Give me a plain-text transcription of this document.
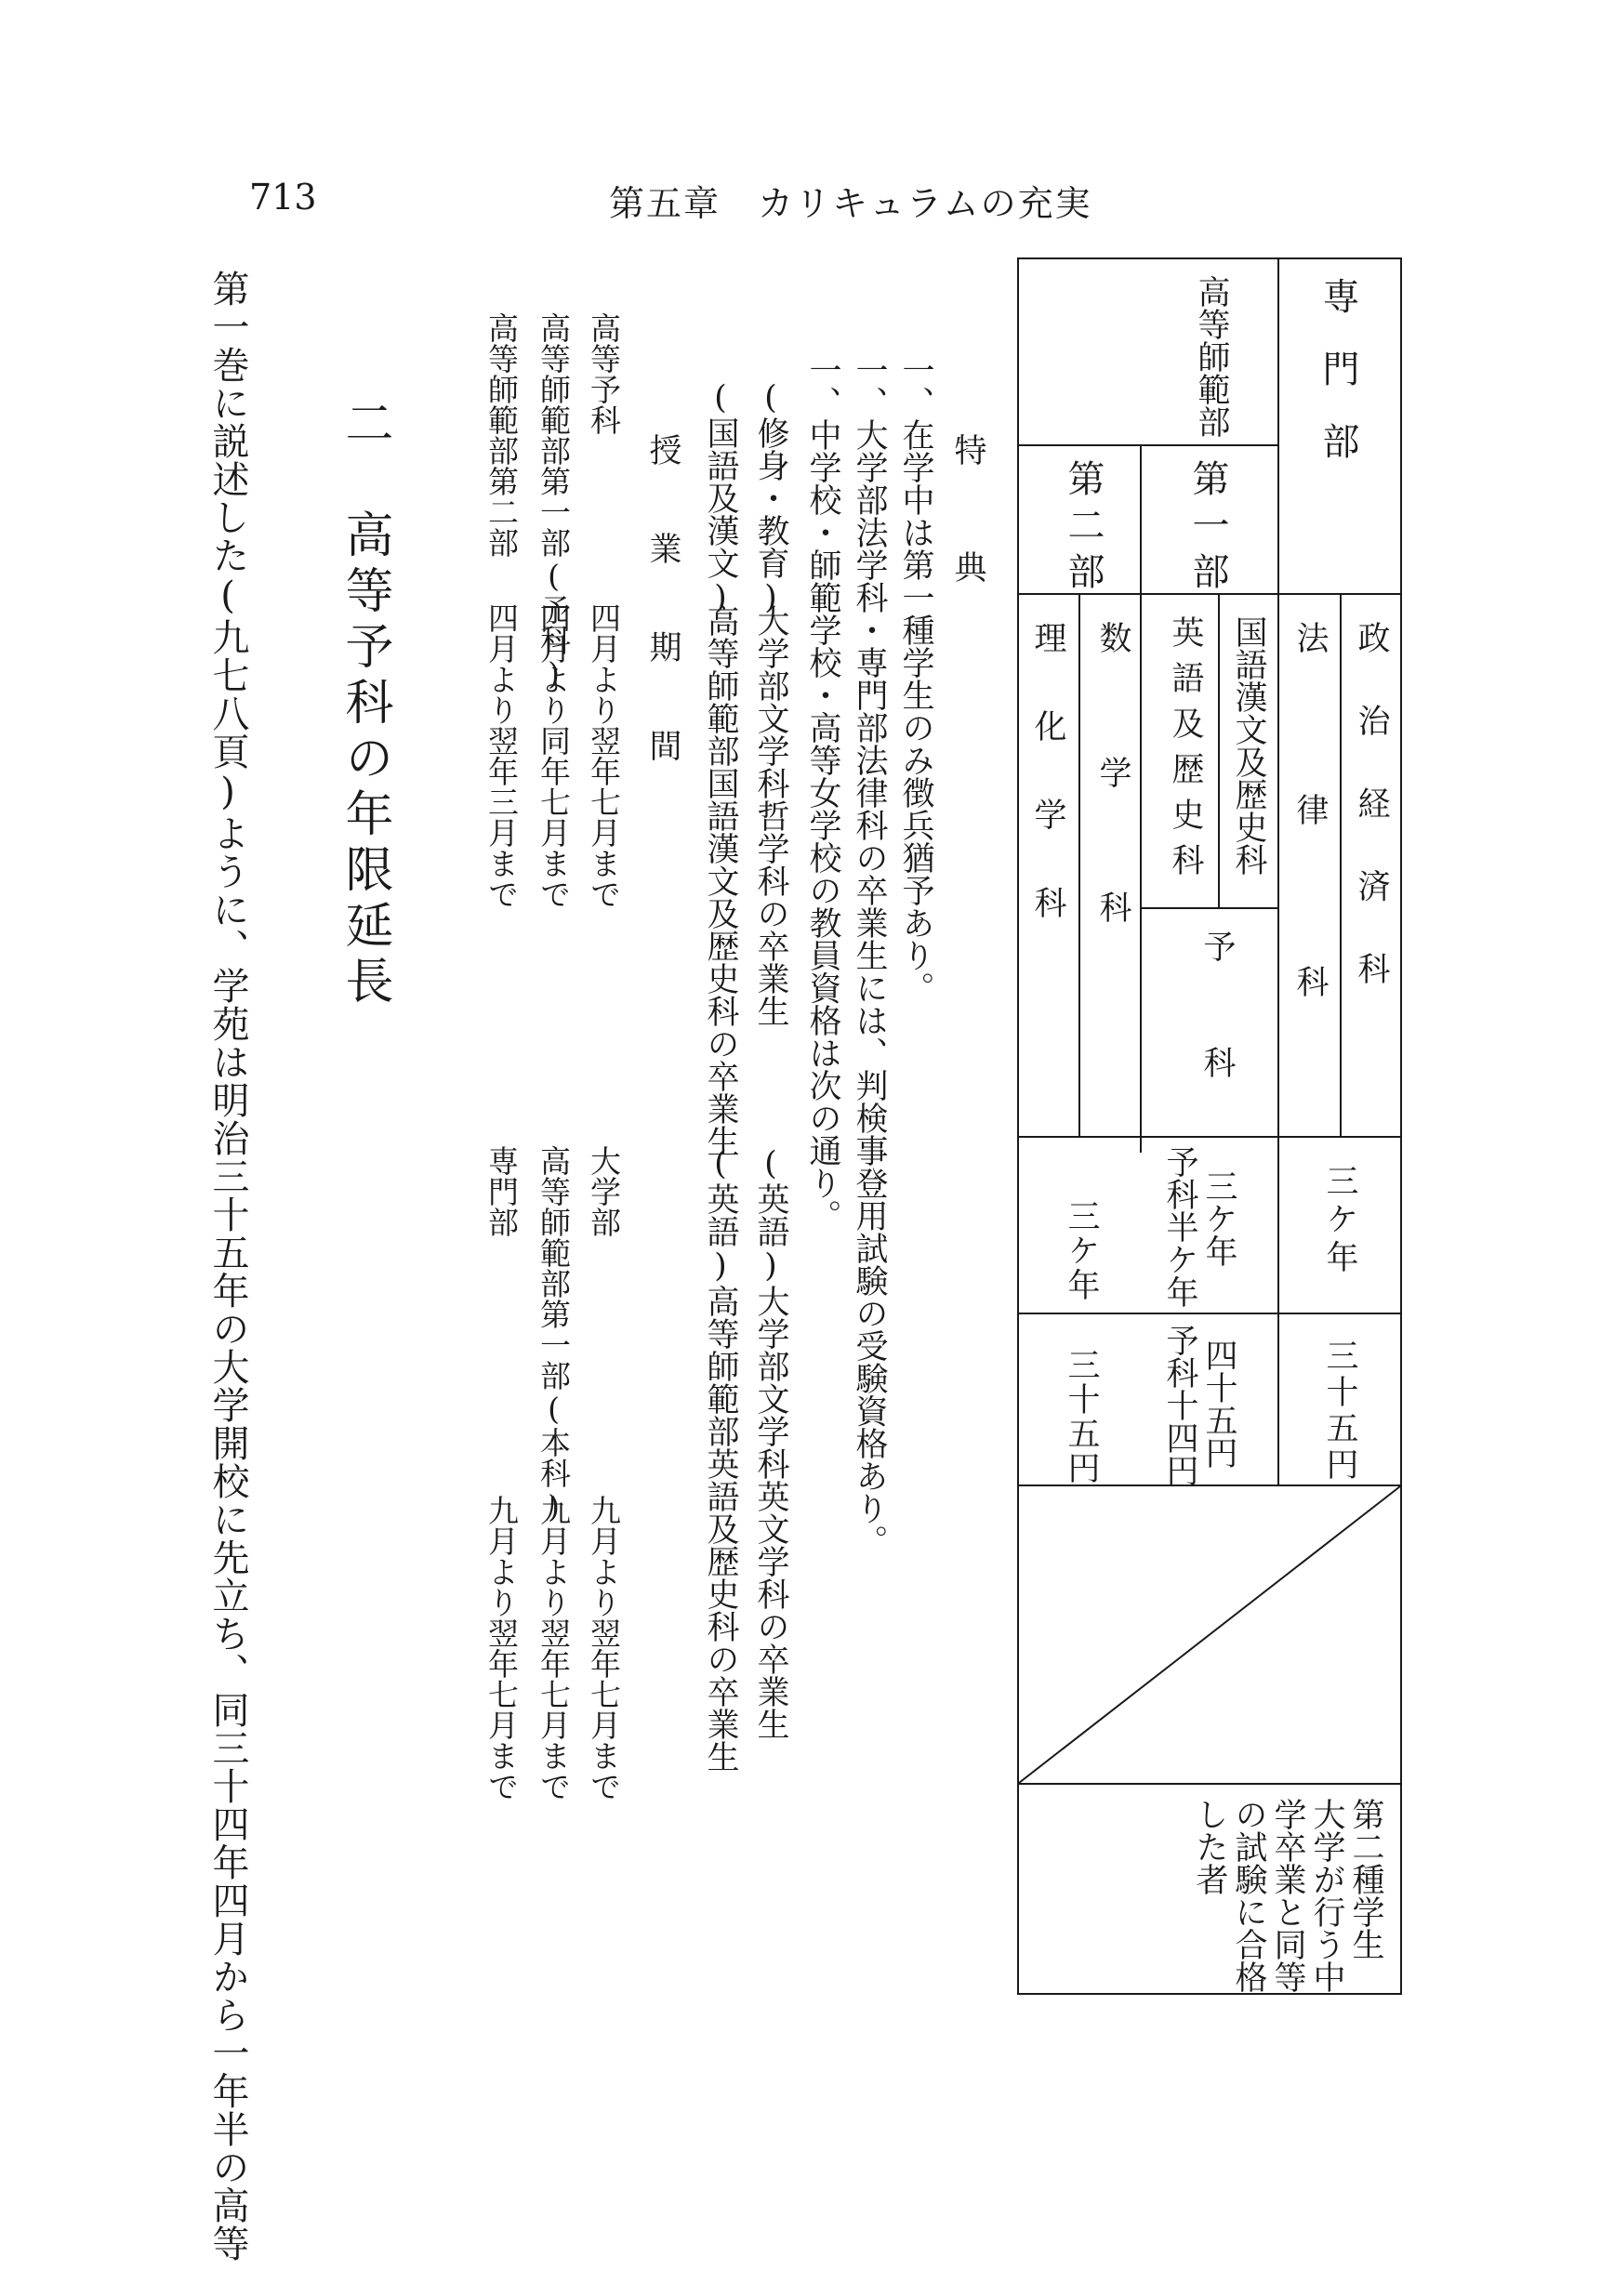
713	第五章　カリキュラムの充実
専門部
政治経済科
法律科
三ケ年
三十五円
高等師範部
第一部
第二部
国語漢文及歴史科
英語及歴史科
予科
数学科
理化学科
三ケ年
予科半ケ年
三ケ年
四十五円
予科十四円
三十五円
第二種学生
大学が行う中
学卒業と同等
の試験に合格
した者
特　典
一、在学中は第一種学生のみ徴兵猶予あり。
一、大学部法学科・専門部法律科の卒業生には、判検事登用試験の受験資格あり。
一、中学校・師範学校・高等女学校の教員資格は次の通り。
(修身・教育)
大学部文学科哲学科の卒業生
(英語)
大学部文学科英文学科の卒業生
(国語及漢文)
高等師範部国語漢文及歴史科の卒業生
(英語)
高等師範部英語及歴史科の卒業生
授　業　期　間
高等予科
四月より翌年七月まで
大学部
九月より翌年七月まで
高等師範部第一部(予科)
四月より同年七月まで
高等師範部第一部(本科)
九月より翌年七月まで
高等師範部第二部
四月より翌年三月まで
専門部
九月より翌年七月まで
二　高等予科の年限延長
第一巻に説述した(九七八頁)ように、学苑は明治三十五年の大学開校に先立ち、同三十四年四月から一年半の高等
